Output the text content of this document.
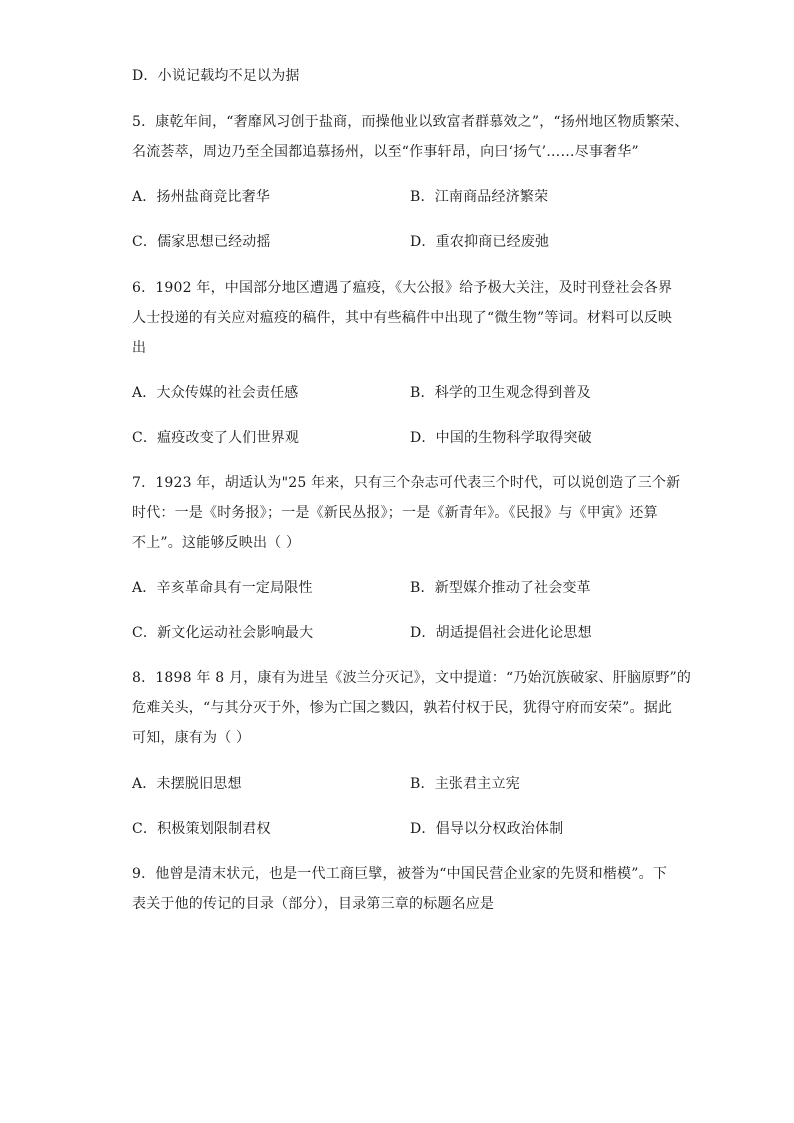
D．小说记载均不足以为据
5．康乾年间，“奢靡风习创于盐商，而操他业以致富者群慕效之”，“扬州地区物质繁荣、
名流荟萃，周边乃至全国都追慕扬州，以至“作事轩昂，向曰‘扬气’……尽事奢华”
A．扬州盐商竞比奢华	B．江南商品经济繁荣
C．儒家思想已经动摇	D．重农抑商已经废弛
6．1902 年，中国部分地区遭遇了瘟疫，《大公报》给予极大关注，及时刊登社会各界
人士投递的有关应对瘟疫的稿件，其中有些稿件中出现了“微生物”等词。材料可以反映
出
A．大众传媒的社会责任感	B．科学的卫生观念得到普及
C．瘟疫改变了人们世界观	D．中国的生物科学取得突破
7．1923 年，胡适认为"25 年来，只有三个杂志可代表三个时代，可以说创造了三个新
时代：一是《时务报》；一是《新民丛报》；一是《新青年》。《民报》与《甲寅》还算
不上”。这能够反映出（ ）
A．辛亥革命具有一定局限性	B．新型媒介推动了社会变革
C．新文化运动社会影响最大	D．胡适提倡社会进化论思想
8．1898 年 8 月，康有为进呈《波兰分灭记》，文中提道：“乃始沉族破家、肝脑原野”的
危难关头，“与其分灭于外，惨为亡国之戮囚，孰若付权于民，犹得守府而安荣”。据此
可知，康有为（ ）
A．未摆脱旧思想	B．主张君主立宪
C．积极策划限制君权	D．倡导以分权政治体制
9．他曾是清末状元，也是一代工商巨擘，被誉为“中国民营企业家的先贤和楷模”。下
表关于他的传记的目录（部分），目录第三章的标题名应是
